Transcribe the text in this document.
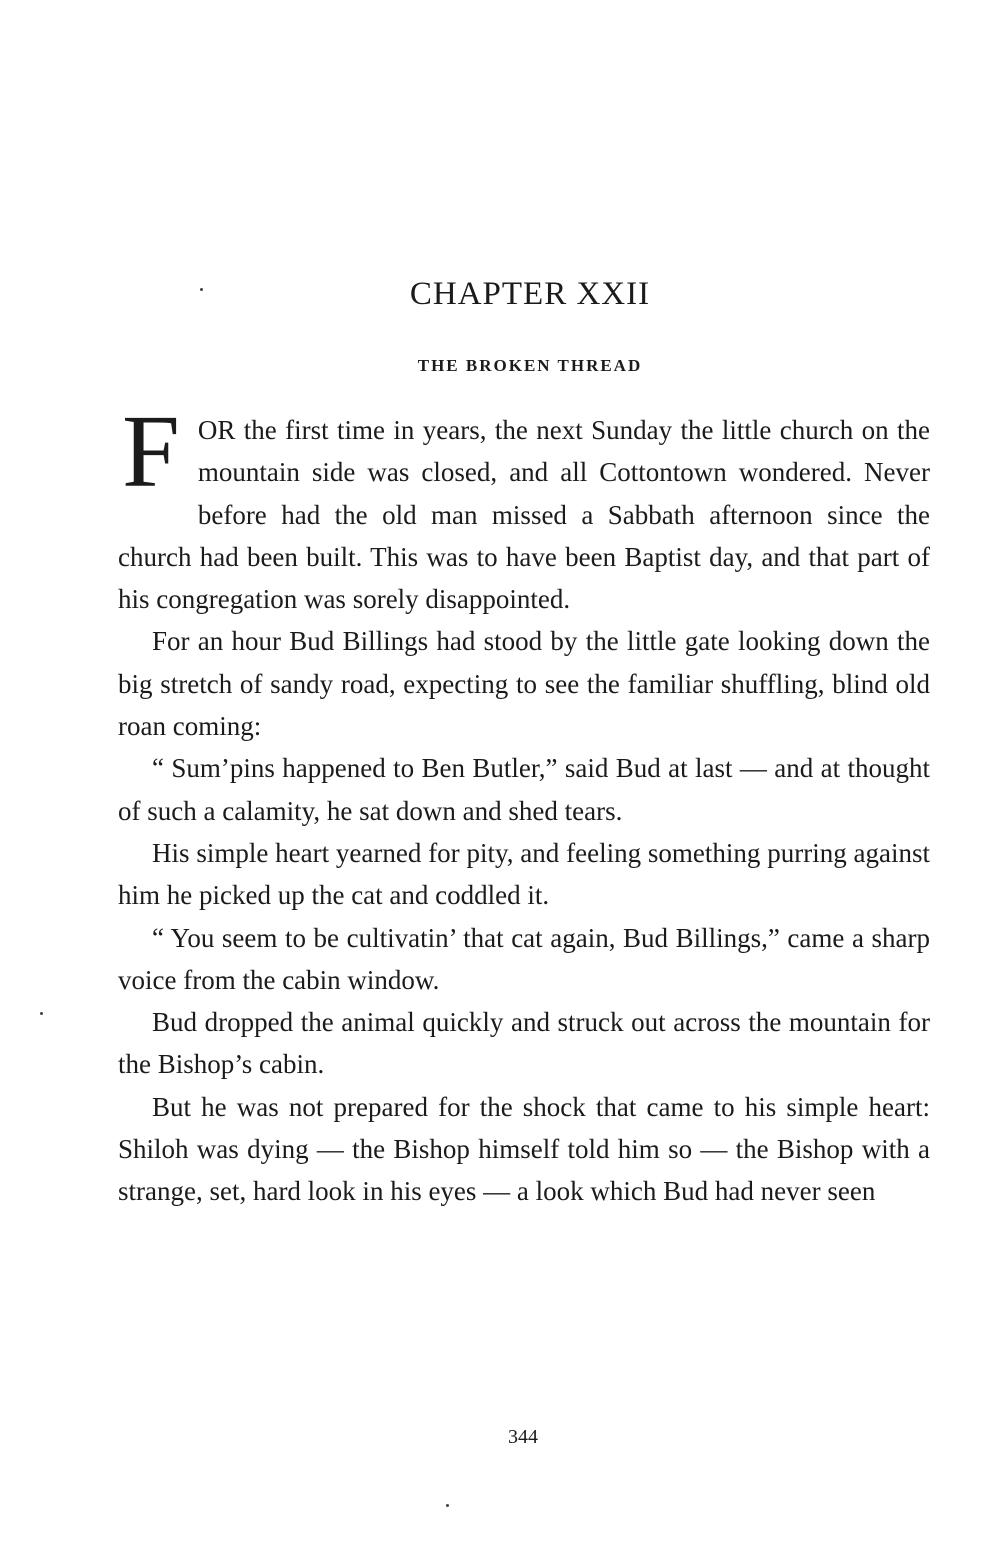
CHAPTER XXII
THE BROKEN THREAD

FOR the first time in years, the next Sunday the little church on the mountain side was closed, and all Cottontown wondered. Never before had the old man missed a Sabbath afternoon since the church had been built. This was to have been Baptist day, and that part of his congregation was sorely disappointed.

For an hour Bud Billings had stood by the little gate looking down the big stretch of sandy road, expecting to see the familiar shuffling, blind old roan coming:

“ Sum’pins happened to Ben Butler,” said Bud at last — and at thought of such a calamity, he sat down and shed tears.

His simple heart yearned for pity, and feeling something purring against him he picked up the cat and coddled it.

“ You seem to be cultivatin’ that cat again, Bud Billings,” came a sharp voice from the cabin window.

Bud dropped the animal quickly and struck out across the mountain for the Bishop’s cabin.

But he was not prepared for the shock that came to his simple heart: Shiloh was dying — the Bishop himself told him so — the Bishop with a strange, set, hard look in his eyes — a look which Bud had never seen

344
